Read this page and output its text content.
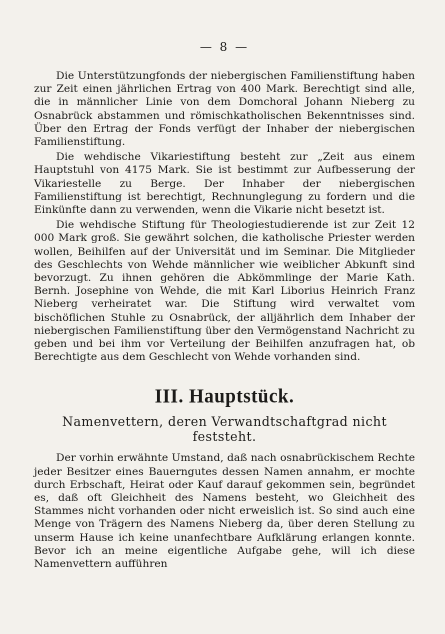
— 8 —

Die Unterstützungfonds der niebergischen Familienstiftung haben zur Zeit einen jährlichen Ertrag von 400 Mark. Berechtigt sind alle, die in männlicher Linie von dem Domchoral Johann Nieberg zu Osnabrück abstammen und römischkatholischen Bekenntnisses sind. Über den Ertrag der Fonds verfügt der Inhaber der niebergischen Familienstiftung.

Die wehdische Vikariestiftung besteht zur „Zeit aus einem Hauptstuhl von 4175 Mark. Sie ist bestimmt zur Aufbesserung der Vikariestelle zu Berge. Der Inhaber der niebergischen Familienstiftung ist berechtigt, Rechnunglegung zu fordern und die Einkünfte dann zu verwenden, wenn die Vikarie nicht besetzt ist.

Die wehdische Stiftung für Theologiestudierende ist zur Zeit 12 000 Mark groß. Sie gewährt solchen, die katholische Priester werden wollen, Beihilfen auf der Universität und im Seminar. Die Mitglieder des Geschlechts von Wehde männlicher wie weiblicher Abkunft sind bevorzugt. Zu ihnen gehören die Abkömmlinge der Marie Kath. Bernh. Josephine von Wehde, die mit Karl Liborius Heinrich Franz Nieberg verheiratet war. Die Stiftung wird verwaltet vom bischöflichen Stuhle zu Osnabrück, der alljährlich dem Inhaber der niebergischen Familienstiftung über den Vermögenstand Nachricht zu geben und bei ihm vor Verteilung der Beihilfen anzufragen hat, ob Berechtigte aus dem Geschlecht von Wehde vorhanden sind.

III. Hauptstück.
Namenvettern, deren Verwandtschaftgrad nicht feststeht.

Der vorhin erwähnte Umstand, daß nach osnabrückischem Rechte jeder Besitzer eines Bauerngutes dessen Namen annahm, er mochte durch Erbschaft, Heirat oder Kauf darauf gekommen sein, begründet es, daß oft Gleichheit des Namens besteht, wo Gleichheit des Stammes nicht vorhanden oder nicht erweislich ist. So sind auch eine Menge von Trägern des Namens Nieberg da, über deren Stellung zu unserm Hause ich keine unanfechtbare Aufklärung erlangen konnte. Bevor ich an meine eigentliche Aufgabe gehe, will ich diese Namenvettern aufführen
